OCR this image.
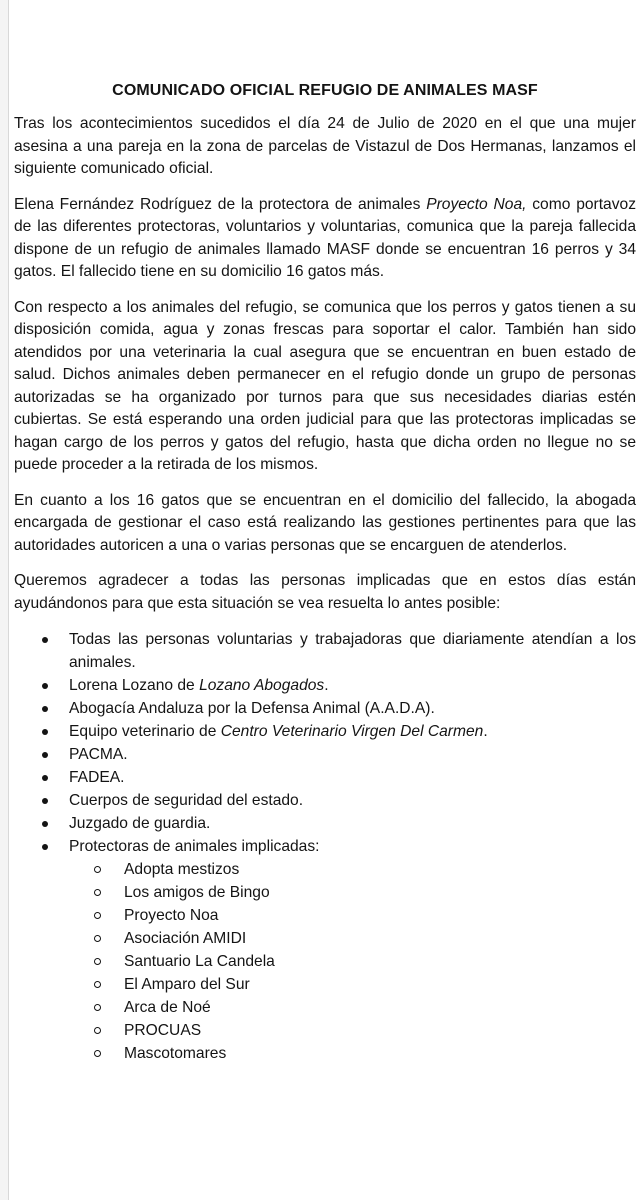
COMUNICADO OFICIAL REFUGIO DE ANIMALES MASF

Tras los acontecimientos sucedidos el día 24 de Julio de 2020 en el que una mujer asesina a una pareja en la zona de parcelas de Vistazul de Dos Hermanas, lanzamos el siguiente comunicado oficial.

Elena Fernández Rodríguez de la protectora de animales Proyecto Noa, como portavoz de las diferentes protectoras, voluntarios y voluntarias, comunica que la pareja fallecida dispone de un refugio de animales llamado MASF donde se encuentran 16 perros y 34 gatos. El fallecido tiene en su domicilio 16 gatos más.

Con respecto a los animales del refugio, se comunica que los perros y gatos tienen a su disposición comida, agua y zonas frescas para soportar el calor. También han sido atendidos por una veterinaria la cual asegura que se encuentran en buen estado de salud. Dichos animales deben permanecer en el refugio donde un grupo de personas autorizadas se ha organizado por turnos para que sus necesidades diarias estén cubiertas. Se está esperando una orden judicial para que las protectoras implicadas se hagan cargo de los perros y gatos del refugio, hasta que dicha orden no llegue no se puede proceder a la retirada de los mismos.

En cuanto a los 16 gatos que se encuentran en el domicilio del fallecido, la abogada encargada de gestionar el caso está realizando las gestiones pertinentes para que las autoridades autoricen a una o varias personas que se encarguen de atenderlos.

Queremos agradecer a todas las personas implicadas que en estos días están ayudándonos para que esta situación se vea resuelta lo antes posible:

Todas las personas voluntarias y trabajadoras que diariamente atendían a los animales.
Lorena Lozano de Lozano Abogados.
Abogacía Andaluza por la Defensa Animal (A.A.D.A).
Equipo veterinario de Centro Veterinario Virgen Del Carmen.
PACMA.
FADEA.
Cuerpos de seguridad del estado.
Juzgado de guardia.
Protectoras de animales implicadas:
Adopta mestizos
Los amigos de Bingo
Proyecto Noa
Asociación AMIDI
Santuario La Candela
El Amparo del Sur
Arca de Noé
PROCUAS
Mascotomares
